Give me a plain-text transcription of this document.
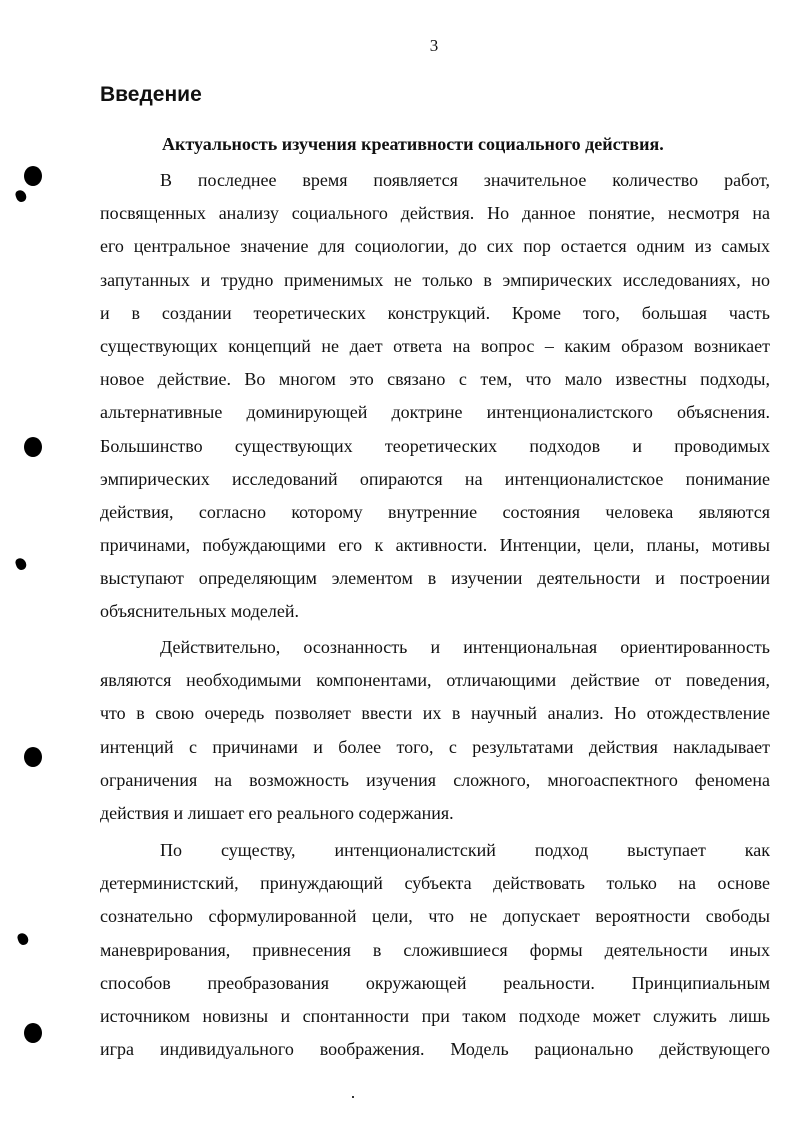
3
Введение
Актуальность изучения креативности социального действия.
В последнее время появляется значительное количество работ,
посвященных анализу социального действия. Но данное понятие, несмотря на
его центральное значение для социологии, до сих пор остается одним из самых
запутанных и трудно применимых не только в эмпирических исследованиях, но
и в создании теоретических конструкций. Кроме того, большая часть
существующих концепций не дает ответа на вопрос – каким образом возникает
новое действие. Во многом это связано с тем, что мало известны подходы,
альтернативные доминирующей доктрине интенционалистского объяснения.
Большинство существующих теоретических подходов и проводимых
эмпирических исследований опираются на интенционалистское понимание
действия, согласно которому внутренние состояния человека являются
причинами, побуждающими его к активности. Интенции, цели, планы, мотивы
выступают определяющим элементом в изучении деятельности и построении
объяснительных моделей.
Действительно, осознанность и интенциональная ориентированность
являются необходимыми компонентами, отличающими действие от поведения,
что в свою очередь позволяет ввести их в научный анализ. Но отождествление
интенций с причинами и более того, с результатами действия накладывает
ограничения на возможность изучения сложного, многоаспектного феномена
действия и лишает его реального содержания.
По существу, интенционалистский подход выступает как
детерминистский, принуждающий субъекта действовать только на основе
сознательно сформулированной цели, что не допускает вероятности свободы
маневрирования, привнесения в сложившиеся формы деятельности иных
способов преобразования окружающей реальности. Принципиальным
источником новизны и спонтанности при таком подходе может служить лишь
игра индивидуального воображения. Модель рационально действующего
